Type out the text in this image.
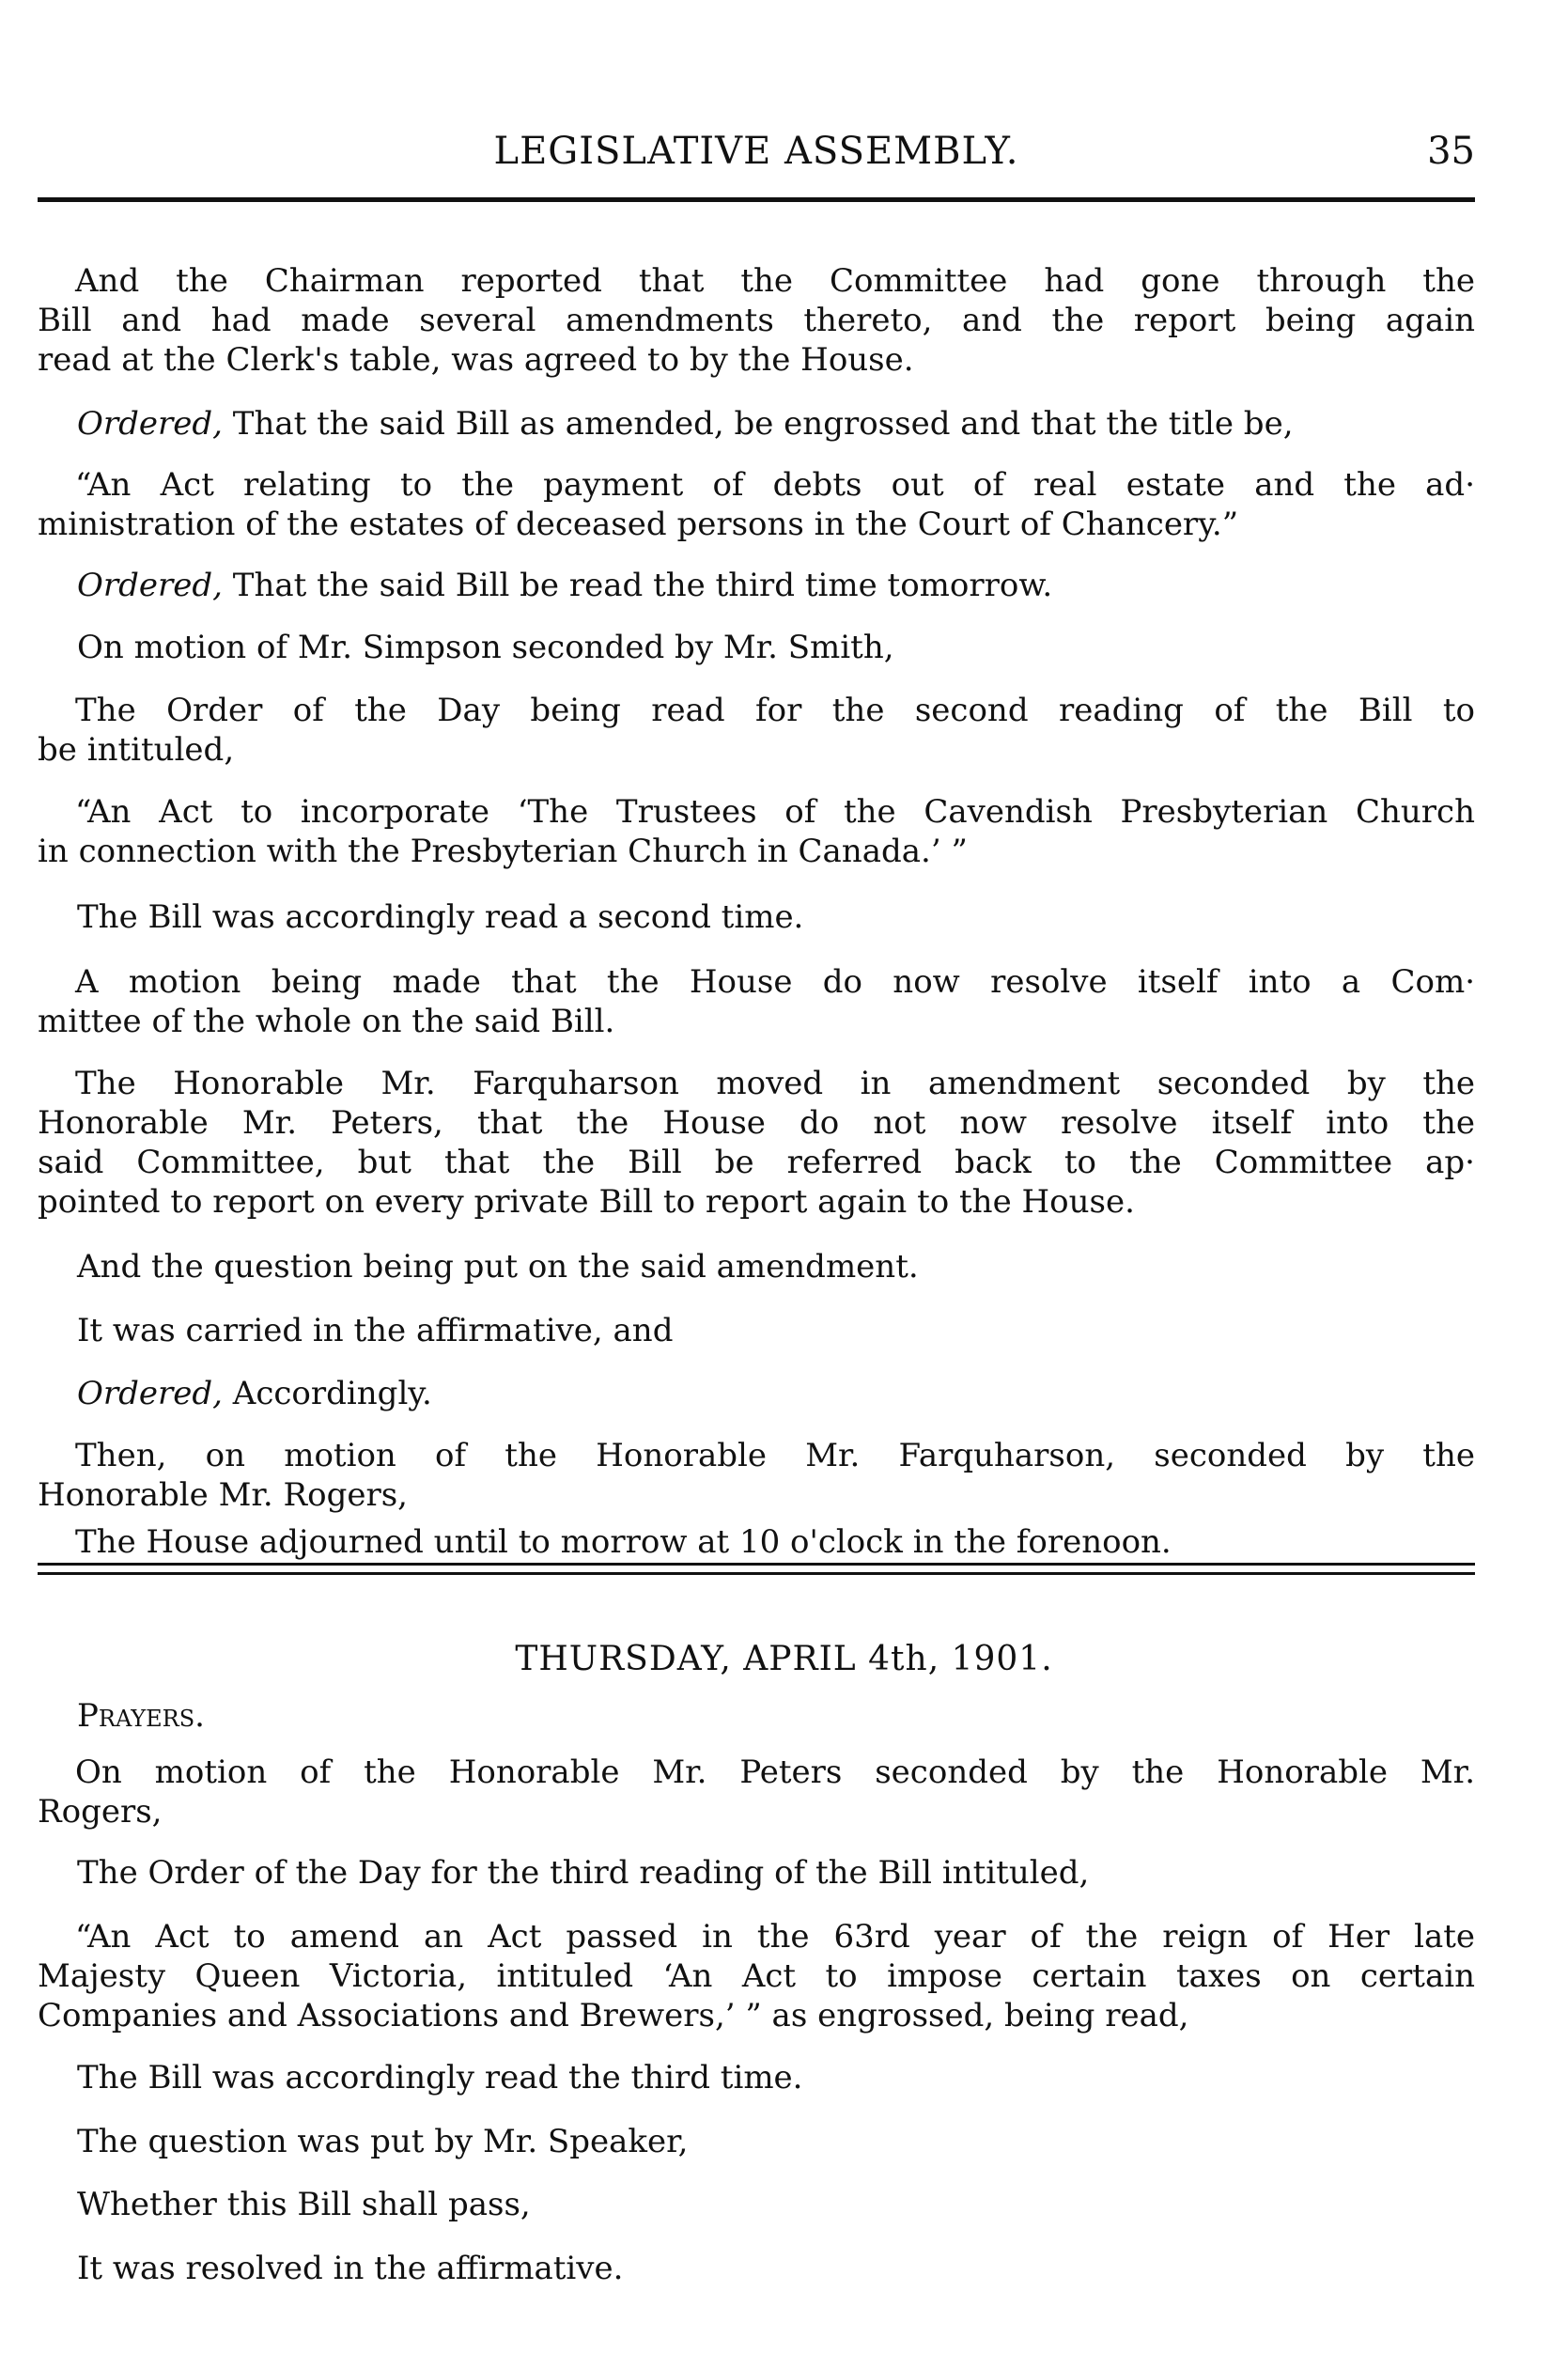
LEGISLATIVE ASSEMBLY.	35
And the Chairman reported that the Committee had gone through the
Bill and had made several amendments thereto, and the report being again
read at the Clerk's table, was agreed to by the House.
Ordered, That the said Bill as amended, be engrossed and that the title be,
“An Act relating to the payment of debts out of real estate and the ad·
ministration of the estates of deceased persons in the Court of Chancery.”
Ordered, That the said Bill be read the third time tomorrow.
On motion of Mr. Simpson seconded by Mr. Smith,
The Order of the Day being read for the second reading of the Bill to
be intituled,
“An Act to incorporate ‘The Trustees of the Cavendish Presbyterian Church
in connection with the Presbyterian Church in Canada.’ ”
The Bill was accordingly read a second time.
A motion being made that the House do now resolve itself into a Com·
mittee of the whole on the said Bill.
The Honorable Mr. Farquharson moved in amendment seconded by the
Honorable Mr. Peters, that the House do not now resolve itself into the
said Committee, but that the Bill be referred back to the Committee ap·
pointed to report on every private Bill to report again to the House.
And the question being put on the said amendment.
It was carried in the affirmative, and
Ordered, Accordingly.
Then, on motion of the Honorable Mr. Farquharson, seconded by the
Honorable Mr. Rogers,
The House adjourned until to morrow at 10 o'clock in the forenoon.
THURSDAY, APRIL 4th, 1901.
Prayers.
On motion of the Honorable Mr. Peters seconded by the Honorable Mr.
Rogers,
The Order of the Day for the third reading of the Bill intituled,
“An Act to amend an Act passed in the 63rd year of the reign of Her late
Majesty Queen Victoria, intituled ‘An Act to impose certain taxes on certain
Companies and Associations and Brewers,’ ” as engrossed, being read,
The Bill was accordingly read the third time.
The question was put by Mr. Speaker,
Whether this Bill shall pass,
It was resolved in the affirmative.
